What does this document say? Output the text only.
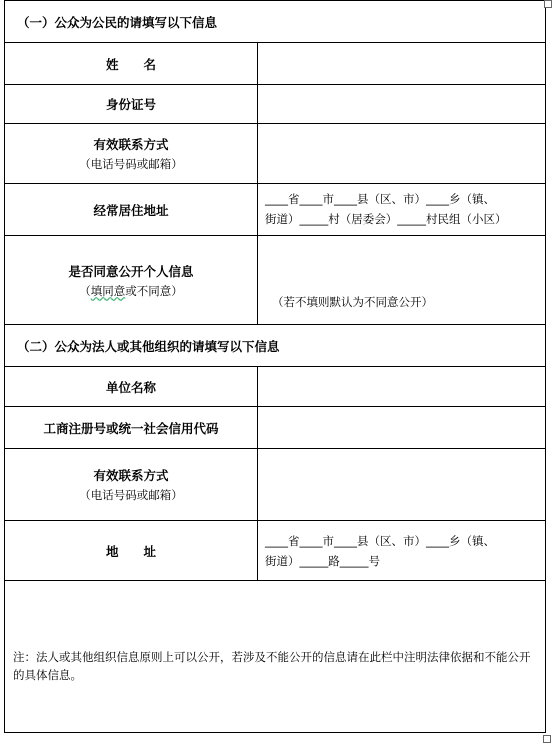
（一）公众为公民的请填写以下信息
姓　　名
身份证号
有效联系方式
（电话号码或邮箱）
经常居住地址
____省____市____县（区、市）____乡（镇、
街道）_____村（居委会）_____村民组（小区）
是否同意公开个人信息
（填同意或不同意）
（若不填则默认为不同意公开）
（二）公众为法人或其他组织的请填写以下信息
单位名称
工商注册号或统一社会信用代码
有效联系方式
（电话号码或邮箱）
地　　址
____省____市____县（区、市）____乡（镇、
街道）_____路_____号
注：法人或其他组织信息原则上可以公开，若涉及不能公开的信息请在此栏中注明法律依据和不能公开的具体信息。
